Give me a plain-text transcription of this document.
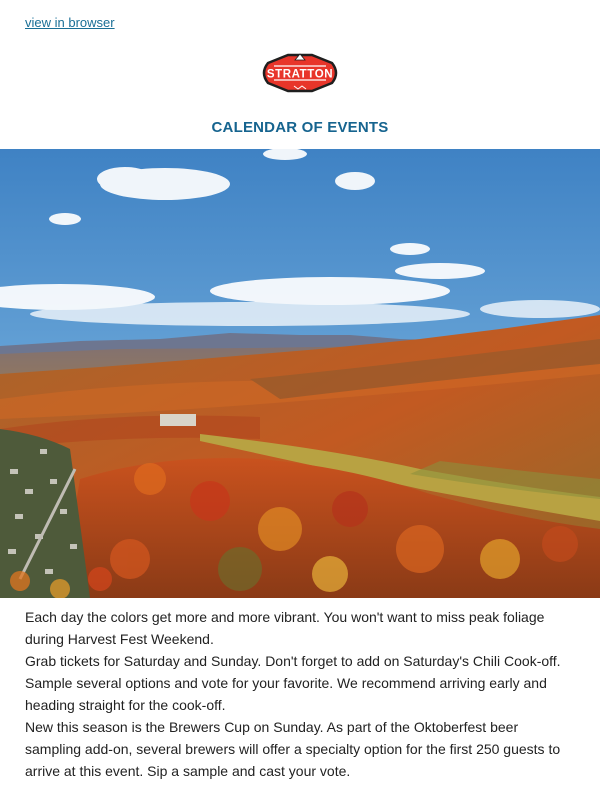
view in browser
STRATTON
CALENDAR OF EVENTS

Each day the colors get more and more vibrant. You won't want to miss peak foliage during Harvest Fest Weekend.

Grab tickets for Saturday and Sunday. Don't forget to add on Saturday's Chili Cook-off. Sample several options and vote for your favorite. We recommend arriving early and heading straight for the cook-off.

New this season is the Brewers Cup on Sunday. As part of the Oktoberfest beer sampling add-on, several brewers will offer a specialty option for the first 250 guests to arrive at this event. Sip a sample and cast your vote.
